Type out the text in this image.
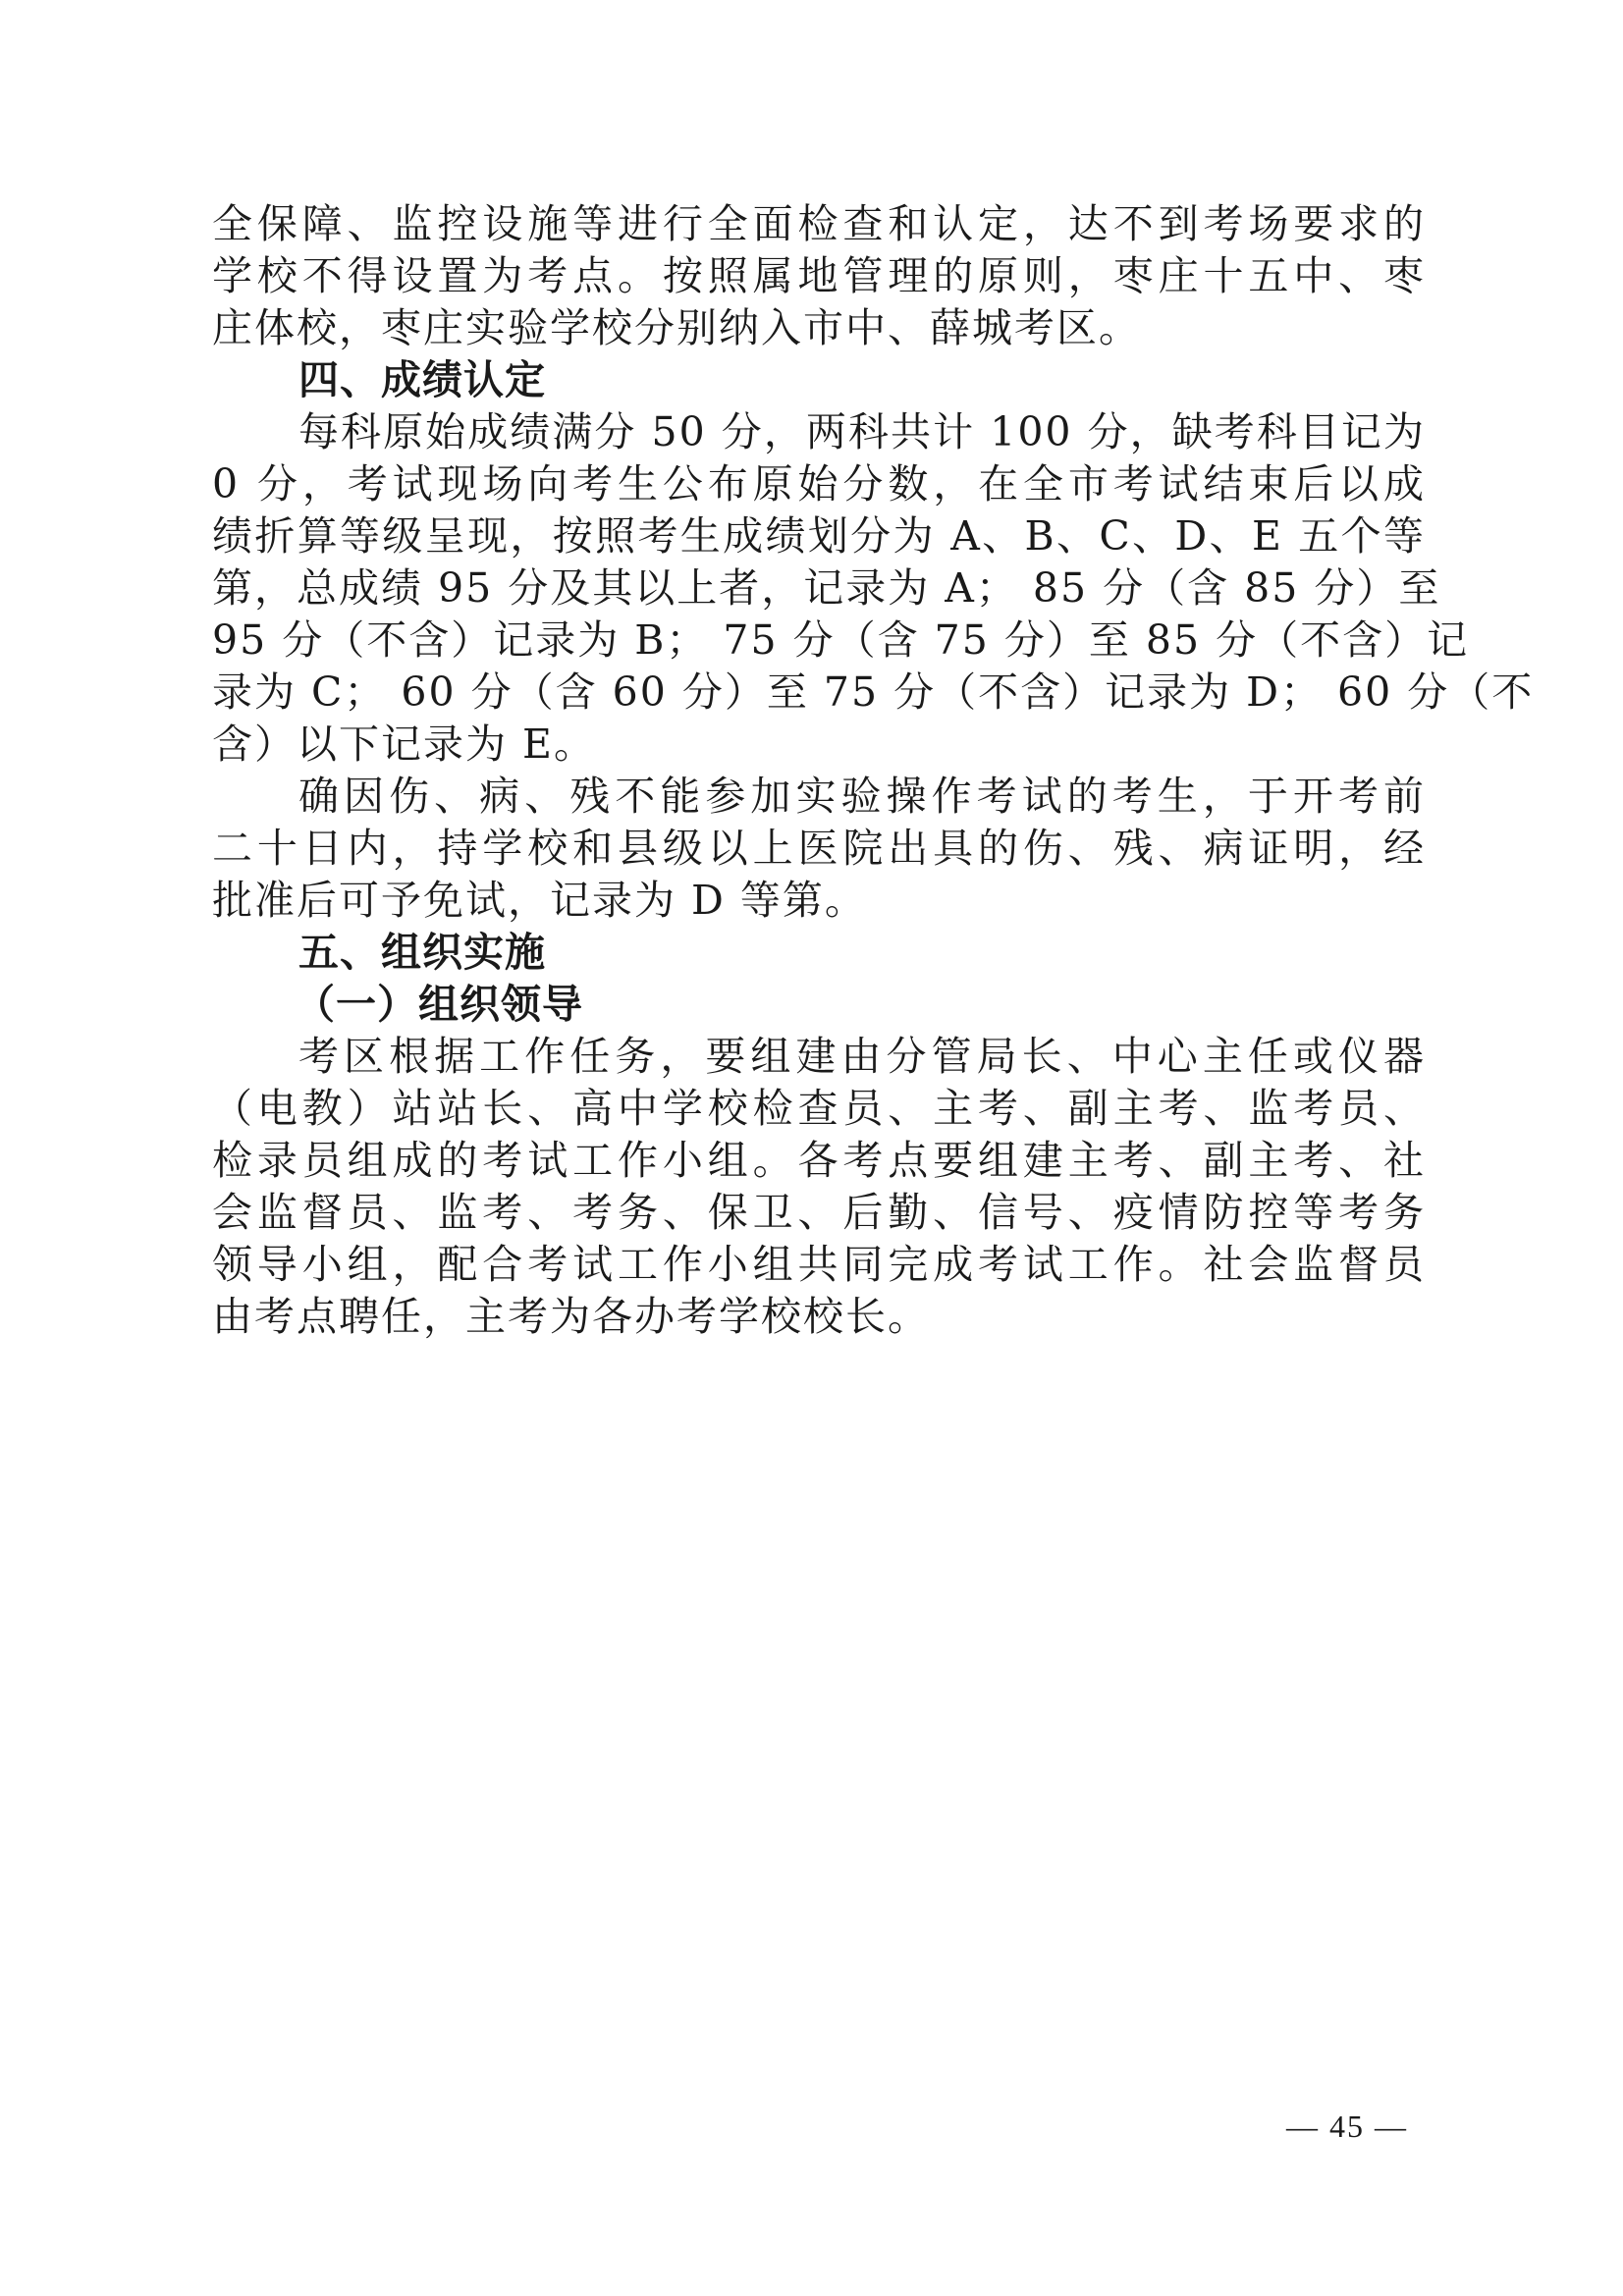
全保障、监控设施等进行全面检查和认定，达不到考场要求的
学校不得设置为考点。按照属地管理的原则，枣庄十五中、枣
庄体校，枣庄实验学校分别纳入市中、薛城考区。
四、成绩认定
每科原始成绩满分 50 分，两科共计 100 分，缺考科目记为
0 分，考试现场向考生公布原始分数，在全市考试结束后以成
绩折算等级呈现，按照考生成绩划分为 A、B、C、D、E 五个等
第，总成绩 95 分及其以上者，记录为 A； 85 分（含 85 分）至
95 分（不含）记录为 B； 75 分（含 75 分）至 85 分（不含）记
录为 C； 60 分（含 60 分）至 75 分（不含）记录为 D； 60 分（不
含）以下记录为 E。
确因伤、病、残不能参加实验操作考试的考生，于开考前
二十日内，持学校和县级以上医院出具的伤、残、病证明，经
批准后可予免试，记录为 D 等第。
五、组织实施
（一）组织领导
考区根据工作任务，要组建由分管局长、中心主任或仪器
（电教）站站长、高中学校检查员、主考、副主考、监考员、
检录员组成的考试工作小组。各考点要组建主考、副主考、社
会监督员、监考、考务、保卫、后勤、信号、疫情防控等考务
领导小组，配合考试工作小组共同完成考试工作。社会监督员
由考点聘任，主考为各办考学校校长。
— 45 —
